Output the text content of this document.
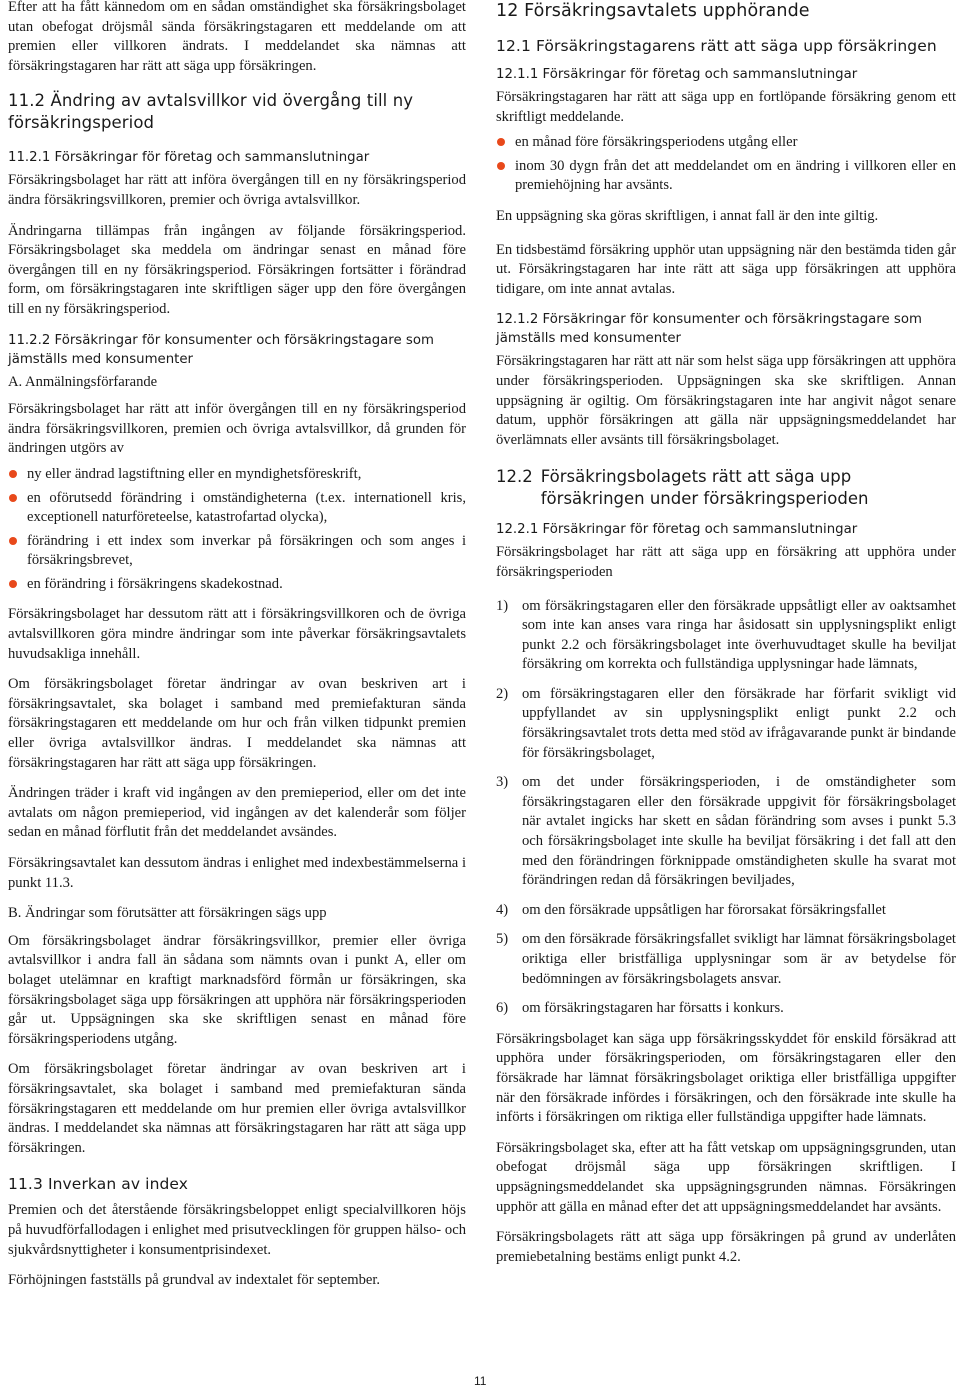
Efter att ha fått kännedom om en sådan omständighet ska försäkringsbolaget utan obefogat dröjsmål sända försäkringstagaren ett meddelande om att premien eller villkoren ändrats. I meddelandet ska nämnas att försäkringstagaren har rätt att säga upp försäkringen.

11.2 Ändring av avtalsvillkor vid övergång till ny försäkringsperiod
11.2.1 Försäkringar för företag och sammanslutningar

Försäkringsbolaget har rätt att införa övergången till en ny försäkringsperiod ändra försäkringsvillkoren, premier och övriga avtalsvillkor.

Ändringarna tillämpas från ingången av följande försäkringsperiod. Försäkringsbolaget ska meddela om ändringar senast en månad före övergången till en ny försäkringsperiod. Försäkringen fortsätter i förändrad form, om försäkringstagaren inte skriftligen säger upp den före övergången till en ny försäkringsperiod.

11.2.2 Försäkringar för konsumenter och försäkringstagare som jämställs med konsumenter

A. Anmälningsförfarande

Försäkringsbolaget har rätt att inför övergången till en ny försäkringsperiod ändra försäkringsvillkoren, premien och övriga avtalsvillkor, då grunden för ändringen utgörs av

ny eller ändrad lagstiftning eller en myndighetsföreskrift,
en oförutsedd förändring i omständigheterna (t.ex. internationell kris, exceptionell naturföreteelse, katastrofartad olycka),
förändring i ett index som inverkar på försäkringen och som anges i försäkringsbrevet,
en förändring i försäkringens skadekostnad.

Försäkringsbolaget har dessutom rätt att i försäkringsvillkoren och de övriga avtalsvillkoren göra mindre ändringar som inte påverkar försäkringsavtalets huvudsakliga innehåll.

Om försäkringsbolaget företar ändringar av ovan beskriven art i försäkringsavtalet, ska bolaget i samband med premiefakturan sända försäkringstagaren ett meddelande om hur och från vilken tidpunkt premien eller övriga avtalsvillkor ändras. I meddelandet ska nämnas att försäkringstagaren har rätt att säga upp försäkringen.

Ändringen träder i kraft vid ingången av den premieperiod, eller om det inte avtalats om någon premieperiod, vid ingången av det kalenderår som följer sedan en månad förflutit från det meddelandet avsändes.

Försäkringsavtalet kan dessutom ändras i enlighet med indexbestämmelserna i punkt 11.3.

B. Ändringar som förutsätter att försäkringen sägs upp

Om försäkringsbolaget ändrar försäkringsvillkor, premier eller övriga avtalsvillkor i andra fall än sådana som nämnts ovan i punkt A, eller om bolaget utelämnar en kraftigt marknadsförd förmån ur försäkringen, ska försäkringsbolaget säga upp försäkringen att upphöra när försäkringsperioden går ut. Uppsägningen ska ske skriftligen senast en månad före försäkringsperiodens utgång.

Om försäkringsbolaget företar ändringar av ovan beskriven art i försäkringsavtalet, ska bolaget i samband med premiefakturan sända försäkringstagaren ett meddelande om hur premien eller övriga avtalsvillkor ändras. I meddelandet ska nämnas att försäkringstagaren har rätt att säga upp försäkringen.

11.3 Inverkan av index

Premien och det återstående försäkringsbeloppet enligt specialvillkoren höjs på huvudförfallodagen i enlighet med prisutvecklingen för gruppen hälso- och sjukvårdsnyttigheter i konsumentprisindexet.

Förhöjningen fastställs på grundval av indextalet för september.

12 Försäkringsavtalets upphörande
12.1 Försäkringstagarens rätt att säga upp försäkringen
12.1.1 Försäkringar för företag och sammanslutningar

Försäkringstagaren har rätt att säga upp en fortlöpande försäkring genom ett skriftligt meddelande.

en månad före försäkringsperiodens utgång eller
inom 30 dygn från det att meddelandet om en ändring i villkoren eller en premiehöjning har avsänts.

En uppsägning ska göras skriftligen, i annat fall är den inte giltig.

En tidsbestämd försäkring upphör utan uppsägning när den bestämda tiden går ut. Försäkringstagaren har inte rätt att säga upp försäkringen att upphöra tidigare, om inte annat avtalas.

12.1.2 Försäkringar för konsumenter och försäkringstagare som jämställs med konsumenter

Försäkringstagaren har rätt att när som helst säga upp försäkringen att upphöra under försäkringsperioden. Uppsägningen ska ske skriftligen. Annan uppsägning är ogiltig. Om försäkringstagaren inte har angivit något senare datum, upphör försäkringen att gälla när uppsägningsmeddelandet har överlämnats eller avsänts till försäkringsbolaget.

12.2 Försäkringsbolagets rätt att säga upp försäkringen under försäkringsperioden
12.2.1 Försäkringar för företag och sammanslutningar

Försäkringsbolaget har rätt att säga upp en försäkring att upphöra under försäkringsperioden

1) om försäkringstagaren eller den försäkrade uppsåtligt eller av oaktsamhet som inte kan anses vara ringa har åsidosatt sin upplysningsplikt enligt punkt 2.2 och försäkringsbolaget inte överhuvudtaget skulle ha beviljat försäkring om korrekta och fullständiga upplysningar hade lämnats,
2) om försäkringstagaren eller den försäkrade har förfarit svikligt vid uppfyllandet av sin upplysningsplikt enligt punkt 2.2 och försäkringsavtalet trots detta med stöd av ifrågavarande punkt är bindande för försäkringsbolaget,
3) om det under försäkringsperioden, i de omständigheter som försäkringstagaren eller den försäkrade uppgivit för försäkringsbolaget när avtalet ingicks har skett en sådan förändring som avses i punkt 5.3 och försäkringsbolaget inte skulle ha beviljat försäkring i det fall att den med den förändringen förknippade omständigheten skulle ha svarat mot förändringen redan då försäkringen beviljades,
4) om den försäkrade uppsåtligen har förorsakat försäkringsfallet
5) om den försäkrade försäkringsfallet svikligt har lämnat försäkringsbolaget oriktiga eller bristfälliga upplysningar som är av betydelse för bedömningen av försäkringsbolagets ansvar.
6) om försäkringstagaren har försatts i konkurs.

Försäkringsbolaget kan säga upp försäkringsskyddet för enskild försäkrad att upphöra under försäkringsperioden, om försäkringstagaren eller den försäkrade har lämnat försäkringsbolaget oriktiga eller bristfälliga uppgifter när den försäkrade infördes i försäkringen, och den försäkrade inte skulle ha införts i försäkringen om riktiga eller fullständiga uppgifter hade lämnats.

Försäkringsbolaget ska, efter att ha fått vetskap om uppsägningsgrunden, utan obefogat dröjsmål säga upp försäkringen skriftligen. I uppsägningsmeddelandet ska uppsägningsgrunden nämnas. Försäkringen upphör att gälla en månad efter det att uppsägningsmeddelandet har avsänts.

Försäkringsbolagets rätt att säga upp försäkringen på grund av underlåten premiebetalning bestäms enligt punkt 4.2.

11
